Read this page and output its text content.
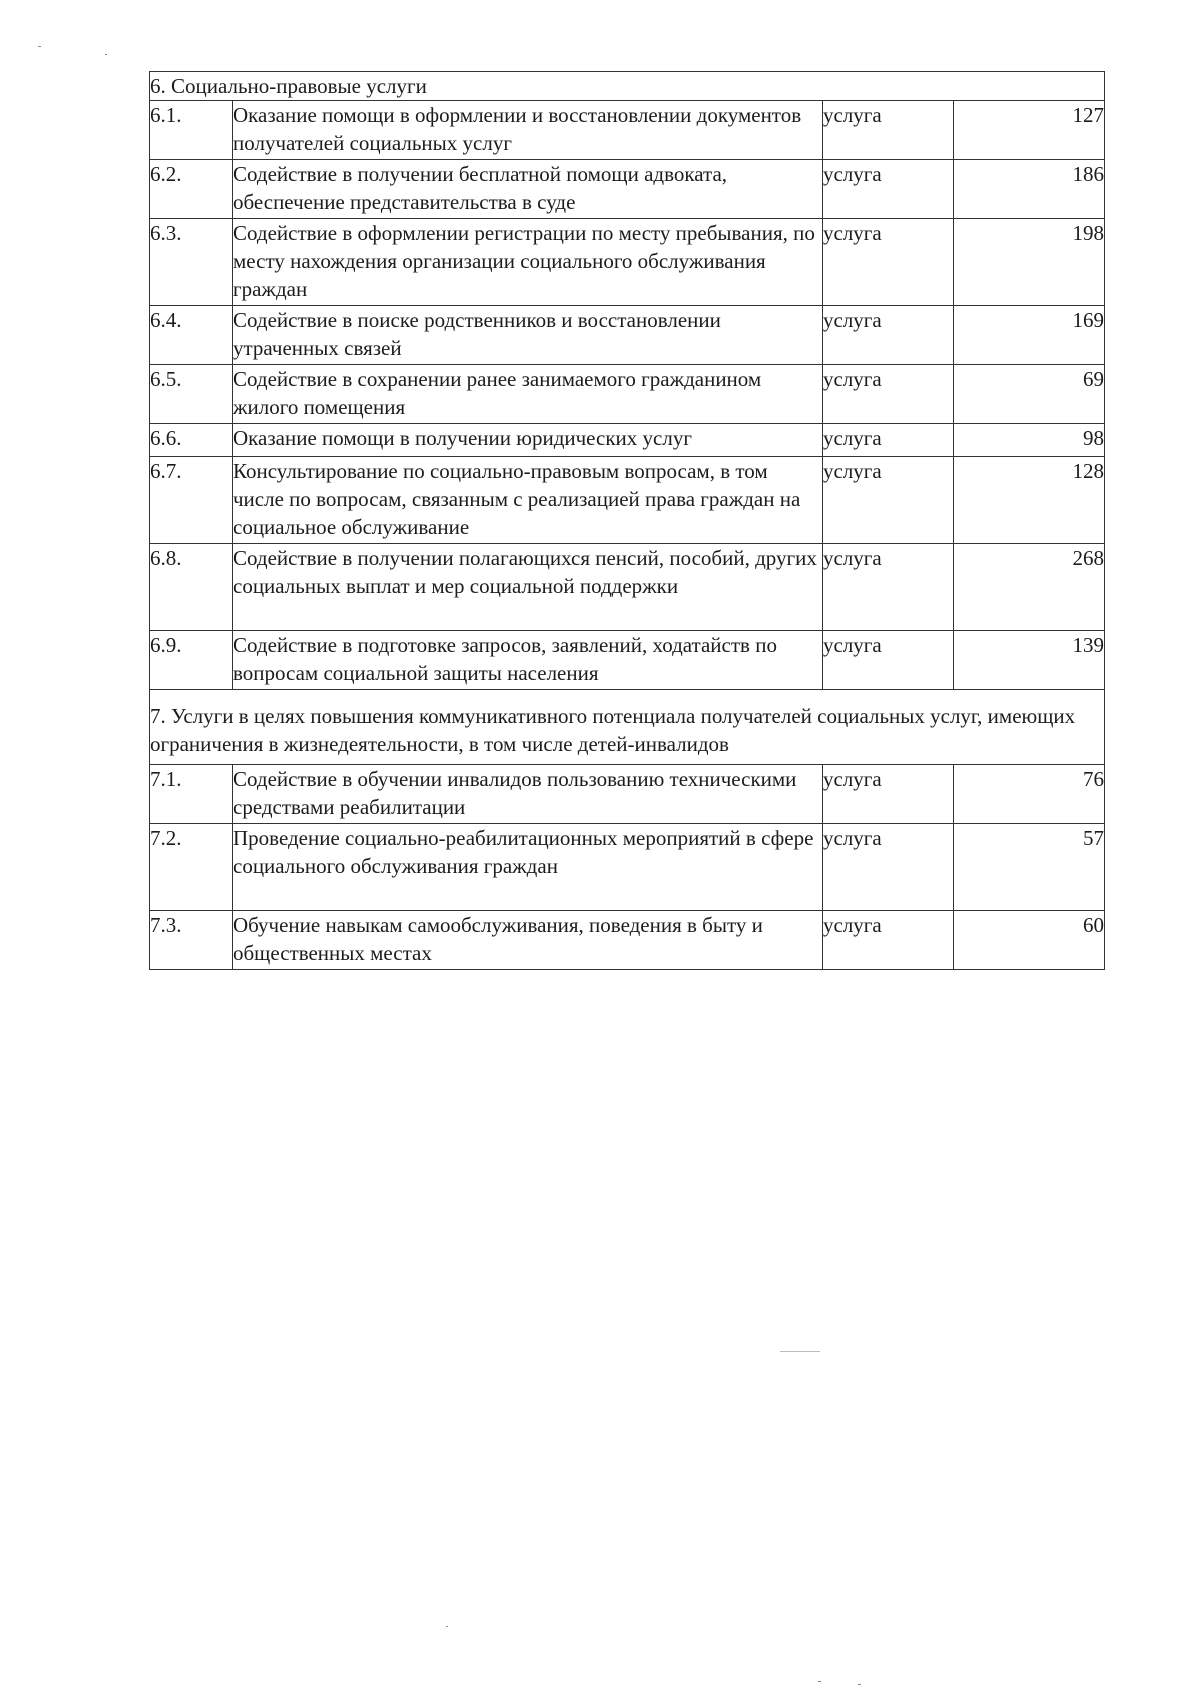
6. Социально-правовые услуги			
6.1.	Оказание помощи в оформлении и восстановлении документов получателей социальных услуг	услуга	127
6.2.	Содействие в получении бесплатной помощи адвоката, обеспечение представительства в суде	услуга	186
6.3.	Содействие в оформлении регистрации по месту пребывания, по месту нахождения организации социального обслуживания граждан	услуга	198
6.4.	Содействие в поиске родственников и восстановлении утраченных связей	услуга	169
6.5.	Содействие в сохранении ранее занимаемого гражданином жилого помещения	услуга	69
6.6.	Оказание помощи в получении юридических услуг	услуга	98
6.7.	Консультирование по социально-правовым вопросам, в том числе по вопросам, связанным с реализацией права граждан на социальное обслуживание	услуга	128
6.8.	Содействие в получении полагающихся пенсий, пособий, других социальных выплат и мер социальной поддержки	услуга	268
6.9.	Содействие в подготовке запросов, заявлений, ходатайств по вопросам социальной защиты населения	услуга	139
7. Услуги в целях повышения коммуникативного потенциала получателей социальных услуг, имеющих ограничения в жизнедеятельности, в том числе детей-инвалидов			
7.1.	Содействие в обучении инвалидов пользованию техническими средствами реабилитации	услуга	76
7.2.	Проведение социально-реабилитационных мероприятий в сфере социального обслуживания граждан	услуга	57
7.3.	Обучение навыкам самообслуживания, поведения в быту и общественных местах	услуга	60
